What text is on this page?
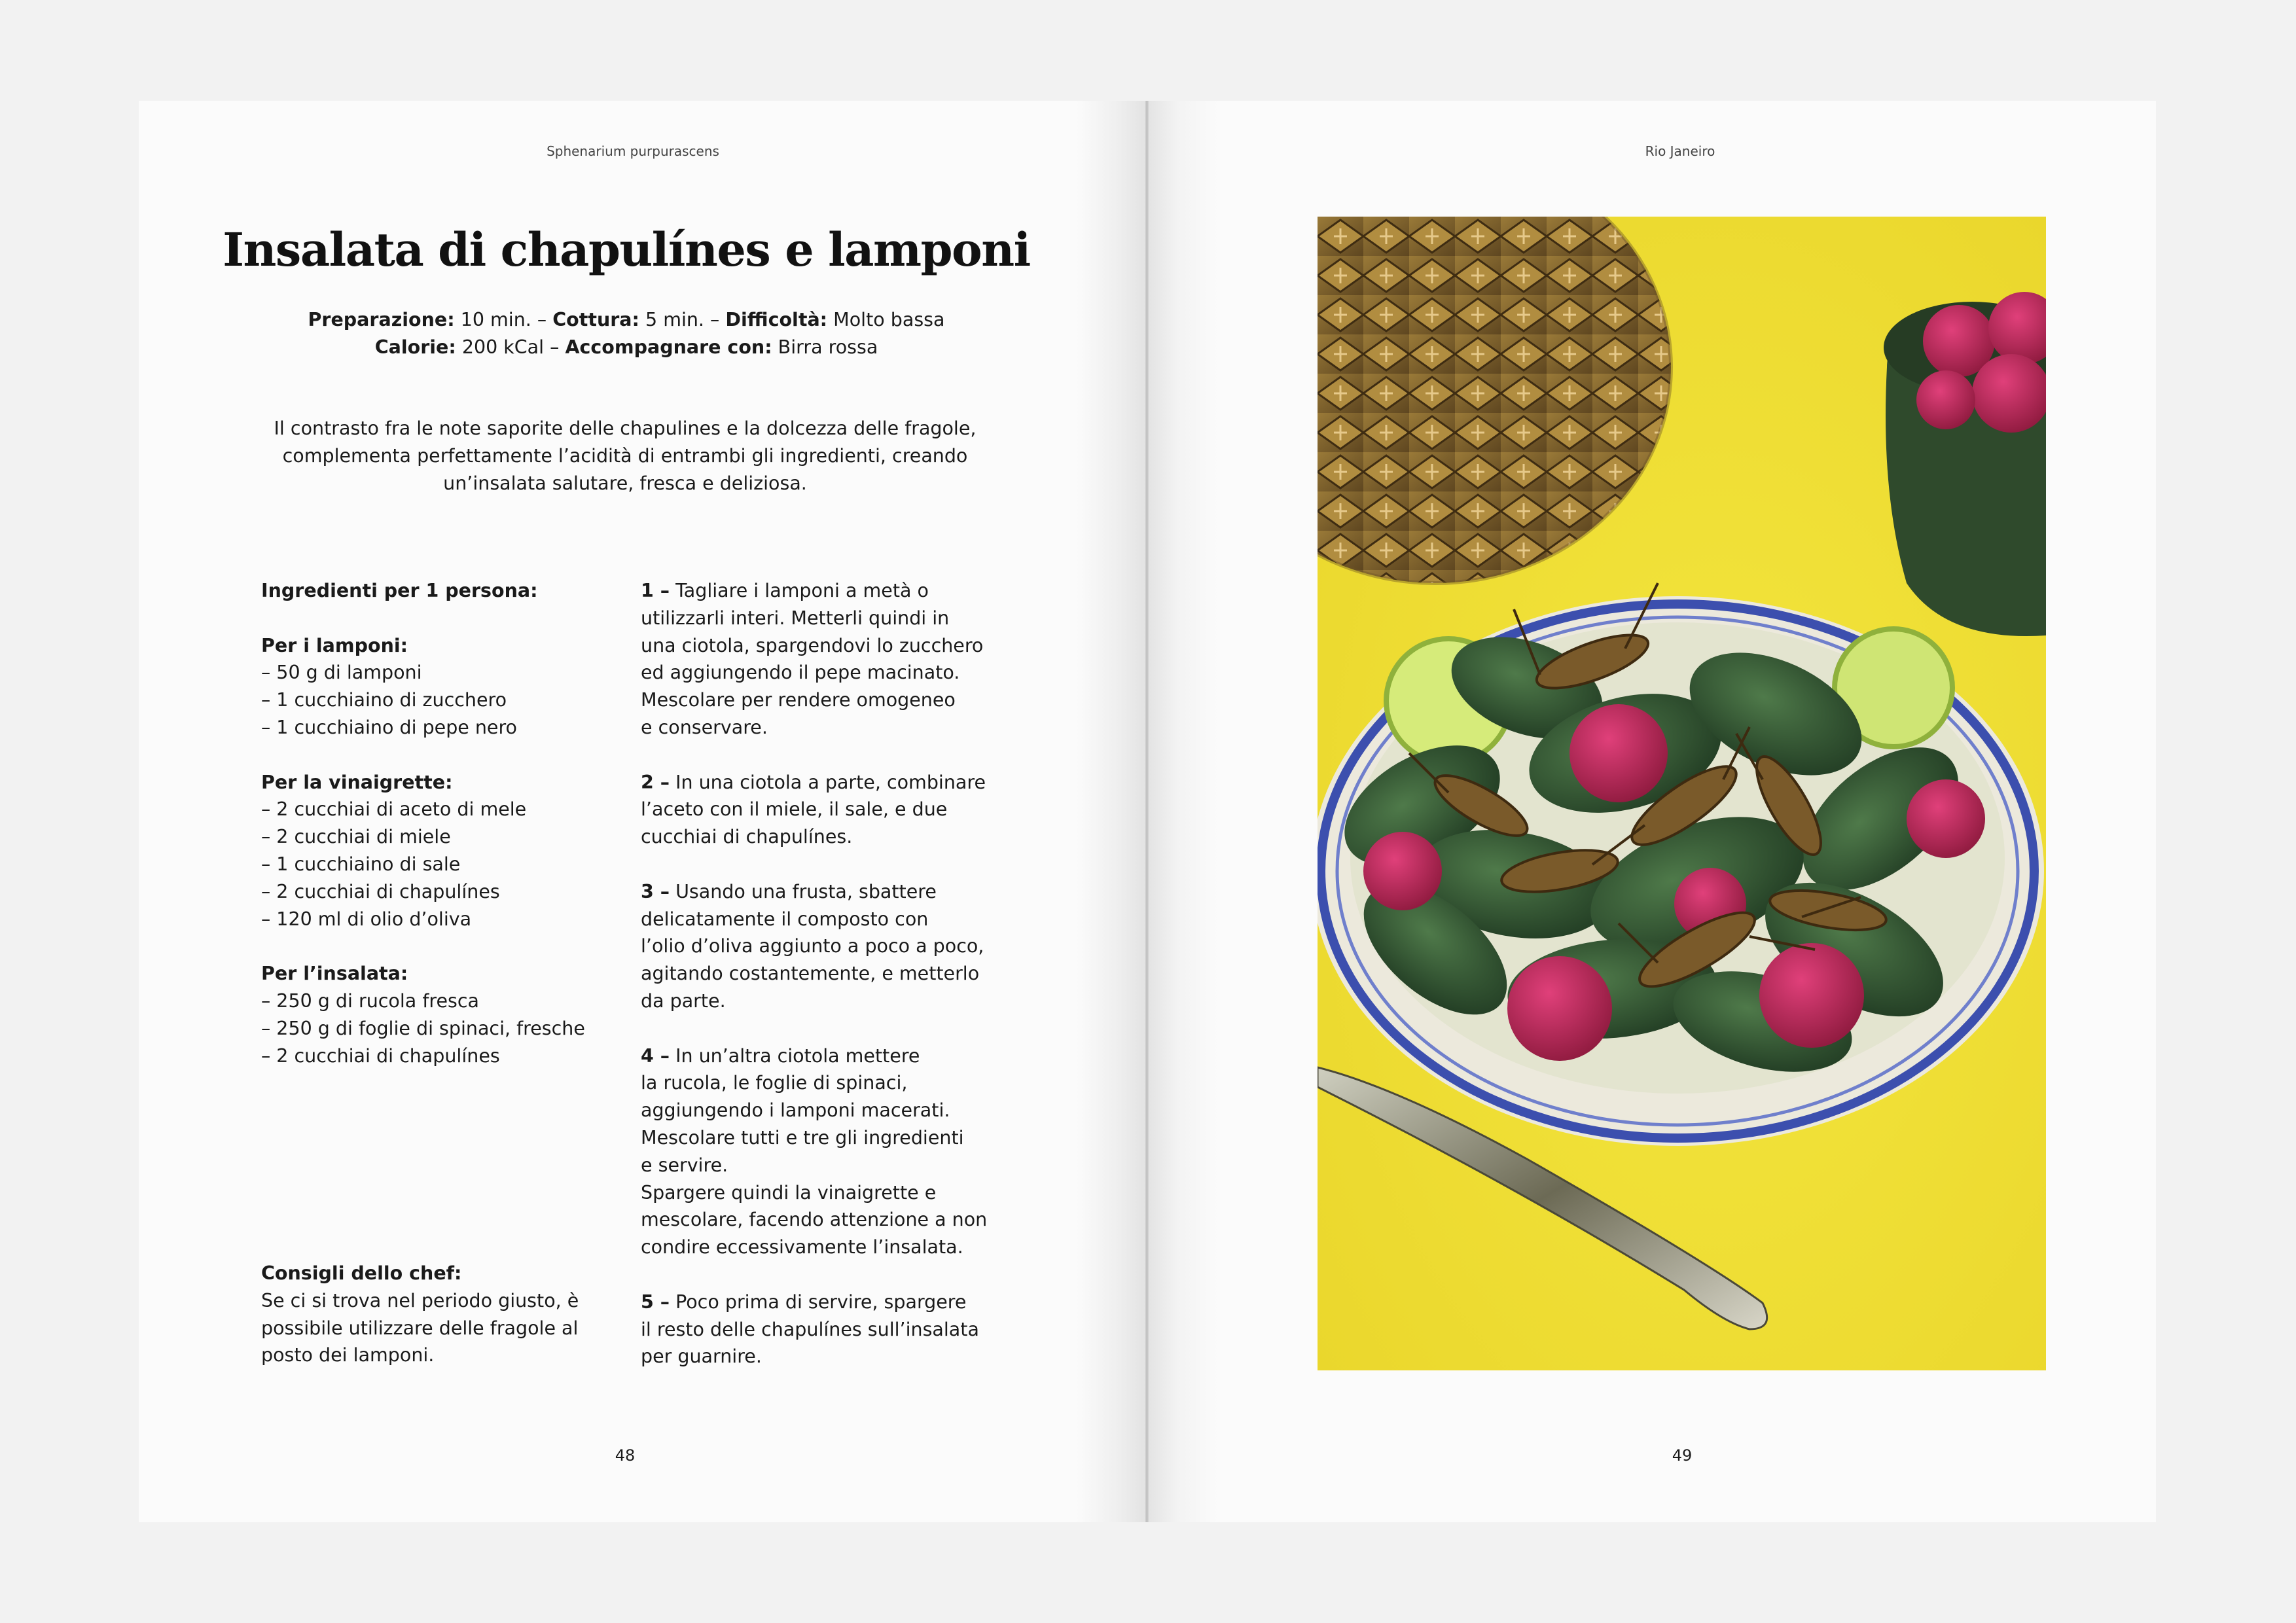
Sphenarium purpurascens
Insalata di chapulínes e lamponi
Preparazione: 10 min. – Cottura: 5 min. – Difficoltà: Molto bassa
Calorie: 200 kCal – Accompagnare con: Birra rossa
Il contrasto fra le note saporite delle chapulines e la dolcezza delle fragole, complementa perfettamente l’acidità di entrambi gli ingredienti, creando un’insalata salutare, fresca e deliziosa.
Ingredienti per 1 persona:
Per i lamponi:
– 50 g di lamponi
– 1 cucchiaino di zucchero
– 1 cucchiaino di pepe nero
Per la vinaigrette:
– 2 cucchiai di aceto di mele
– 2 cucchiai di miele
– 1 cucchiaino di sale
– 2 cucchiai di chapulínes
– 120 ml di olio d’oliva
Per l’insalata:
– 250 g di rucola fresca
– 250 g di foglie di spinaci, fresche
– 2 cucchiai di chapulínes
Consigli dello chef:
Se ci si trova nel periodo giusto, è
possibile utilizzare delle fragole al
posto dei lamponi.
1 – Tagliare i lamponi a metà o
utilizzarli interi. Metterli quindi in
una ciotola, spargendovi lo zucchero
ed aggiungendo il pepe macinato.
Mescolare per rendere omogeneo
e conservare.
2 – In una ciotola a parte, combinare
l’aceto con il miele, il sale, e due
cucchiai di chapulínes.
3 – Usando una frusta, sbattere
delicatamente il composto con
l’olio d’oliva aggiunto a poco a poco,
agitando costantemente, e metterlo
da parte.
4 – In un’altra ciotola mettere
la rucola, le foglie di spinaci,
aggiungendo i lamponi macerati.
Mescolare tutti e tre gli ingredienti
e servire.
Spargere quindi la vinaigrette e
mescolare, facendo attenzione a non
condire eccessivamente l’insalata.
5 – Poco prima di servire, spargere
il resto delle chapulínes sull’insalata
per guarnire.
48
Rio Janeiro
49
